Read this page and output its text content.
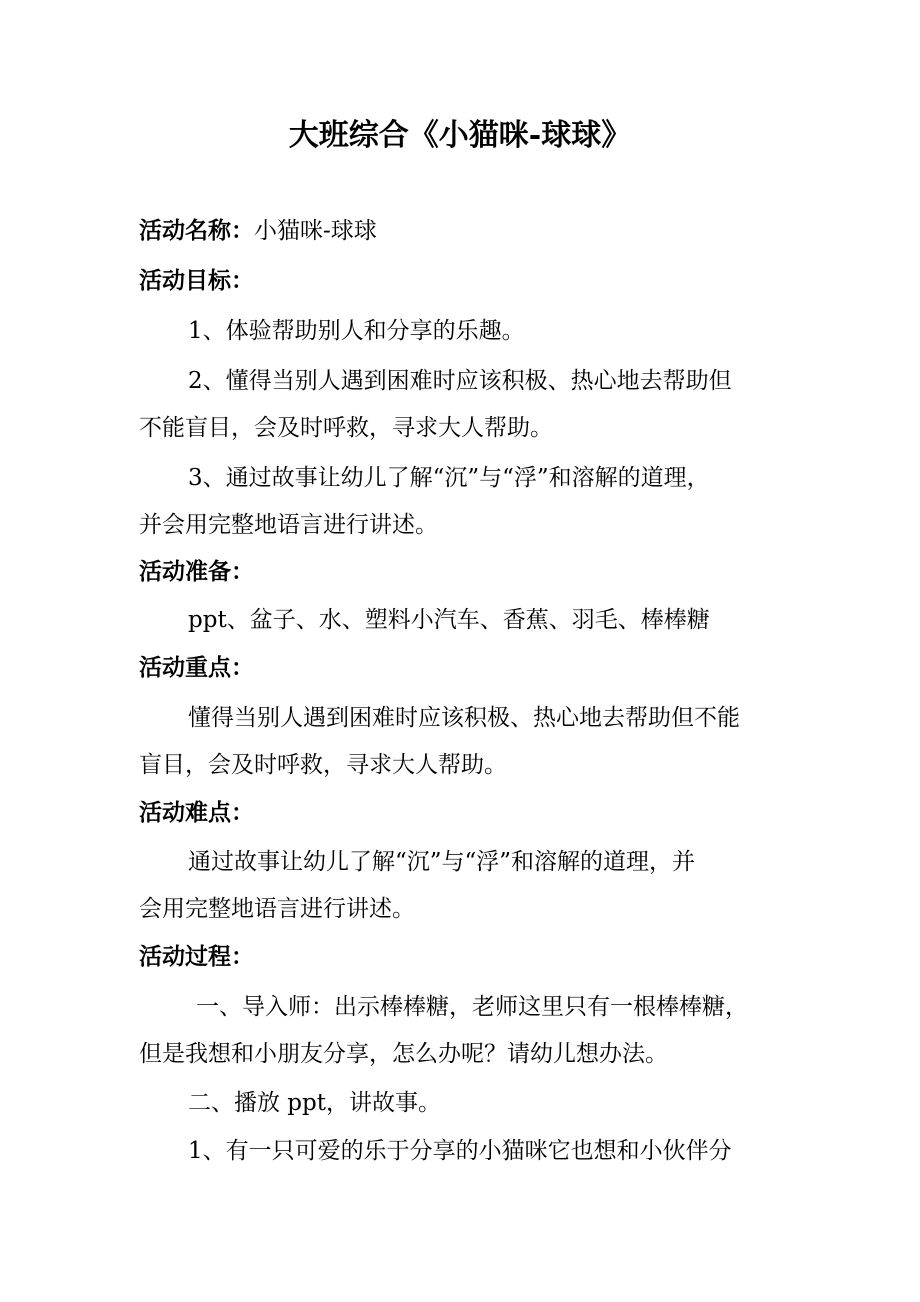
大班综合《小猫咪-球球》
活动名称：小猫咪-球球
活动目标：
1、体验帮助别人和分享的乐趣。
2、懂得当别人遇到困难时应该积极、热心地去帮助但
不能盲目，会及时呼救，寻求大人帮助。
3、通过故事让幼儿了解“沉”与“浮”和溶解的道理，
并会用完整地语言进行讲述。
活动准备：
ppt、盆子、水、塑料小汽车、香蕉、羽毛、棒棒糖
活动重点：
懂得当别人遇到困难时应该积极、热心地去帮助但不能
盲目，会及时呼救，寻求大人帮助。
活动难点：
通过故事让幼儿了解“沉”与“浮”和溶解的道理，并
会用完整地语言进行讲述。
活动过程：
一、导入师：出示棒棒糖，老师这里只有一根棒棒糖，
但是我想和小朋友分享，怎么办呢？请幼儿想办法。
二、播放 ppt，讲故事。
1、有一只可爱的乐于分享的小猫咪它也想和小伙伴分
